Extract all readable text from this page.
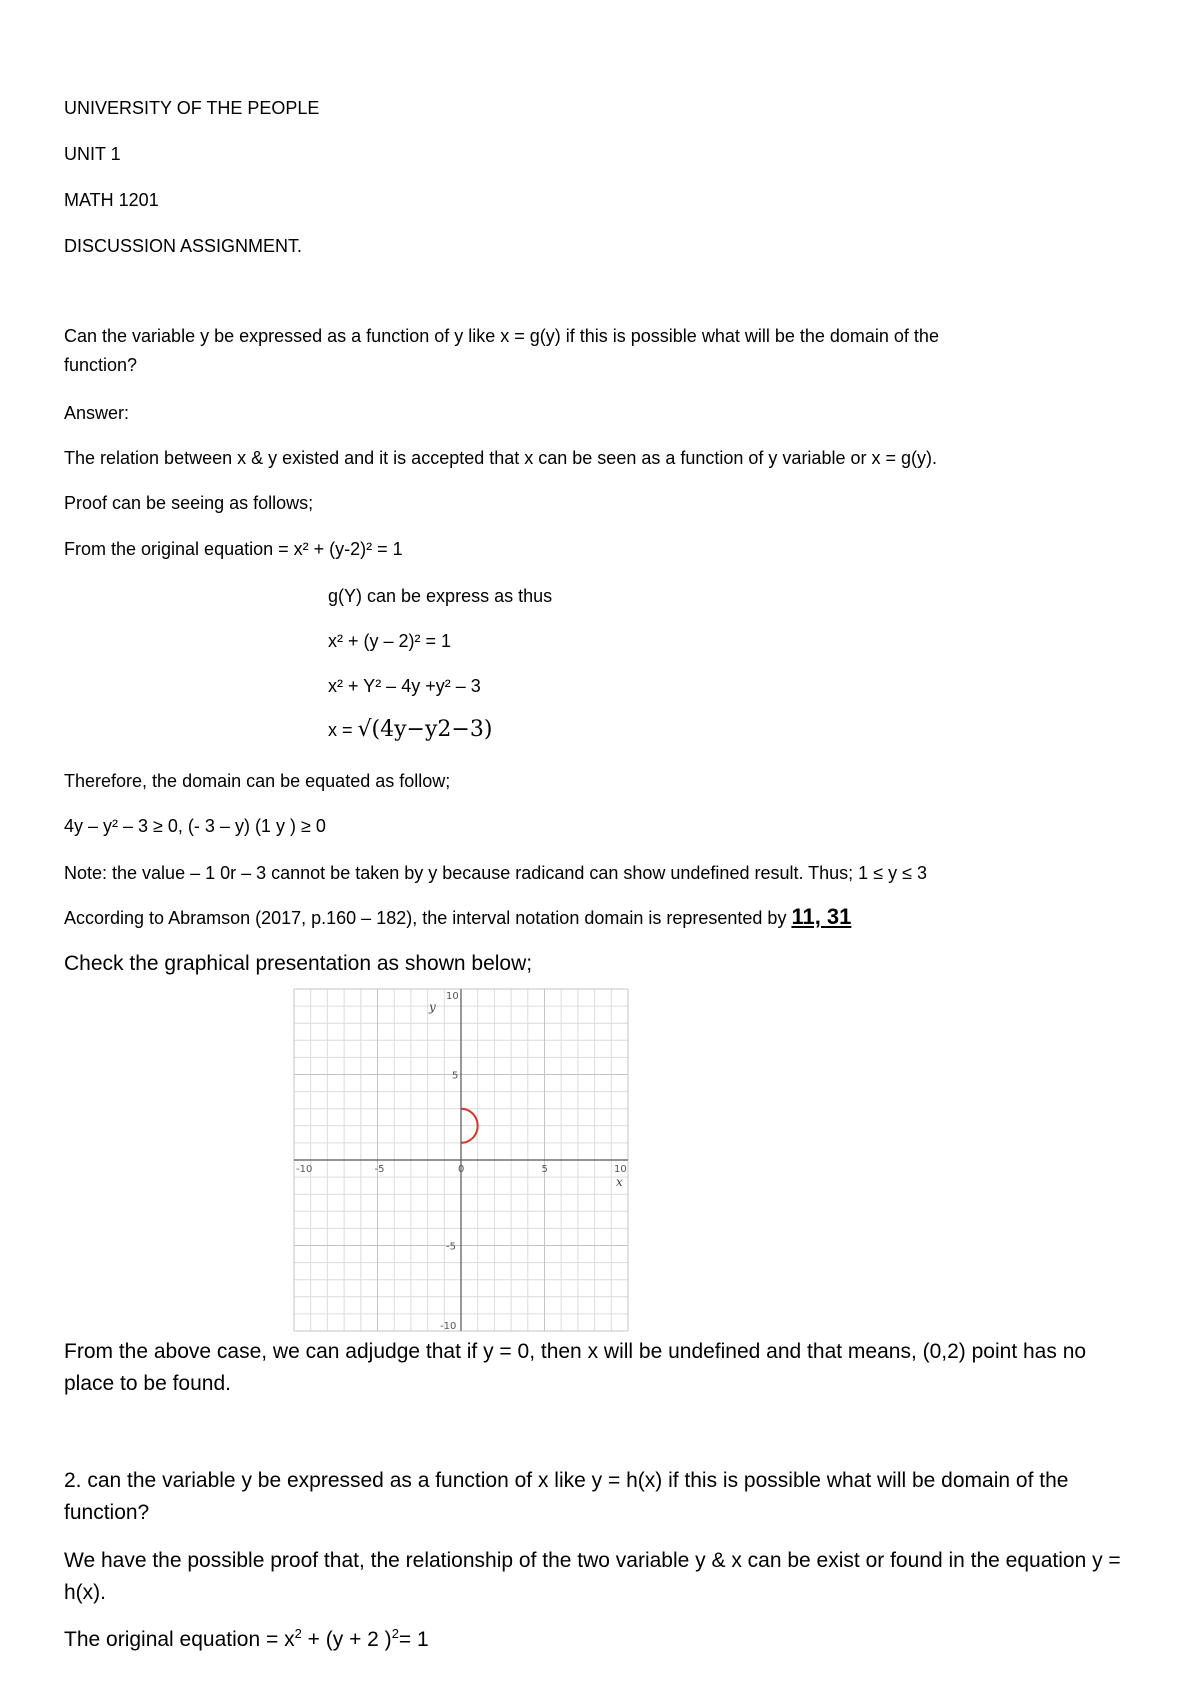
UNIVERSITY OF THE PEOPLE
UNIT 1
MATH 1201
DISCUSSION ASSIGNMENT.
Can the variable y be expressed as a function of y like x = g(y) if this is possible what will be the domain of the
function?
Answer:
The relation between x & y existed and it is accepted that x can be seen as a function of y variable or x = g(y).
Proof can be seeing as follows;
From the original equation = x² + (y-2)² = 1
g(Y) can be express as thus
x² + (y – 2)² = 1
x² + Y² – 4y +y² – 3
x = √(4y−y2−3)
Therefore, the domain can be equated as follow;
4y – y² – 3 ≥ 0, (- 3 – y) (1 y ) ≥ 0
Note: the value – 1 0r – 3 cannot be taken by y because radicand can show undefined result. Thus; 1 ≤ y ≤ 3
According to Abramson (2017, p.160 – 182), the interval notation domain is represented by 11, 31
Check the graphical presentation as shown below;
-10	-5	0	5	10
10
5
-5
-10
x
y
From the above case, we can adjudge that if y = 0, then x will be undefined and that means, (0,2) point has no place to be found.
2. can the variable y be expressed as a function of x like y = h(x) if this is possible what will be domain of the function?
We have the possible proof that, the relationship of the two variable y & x can be exist or found in the equation y = h(x).
The original equation = $x^2 + (y + 2$ )$^2$= 1
